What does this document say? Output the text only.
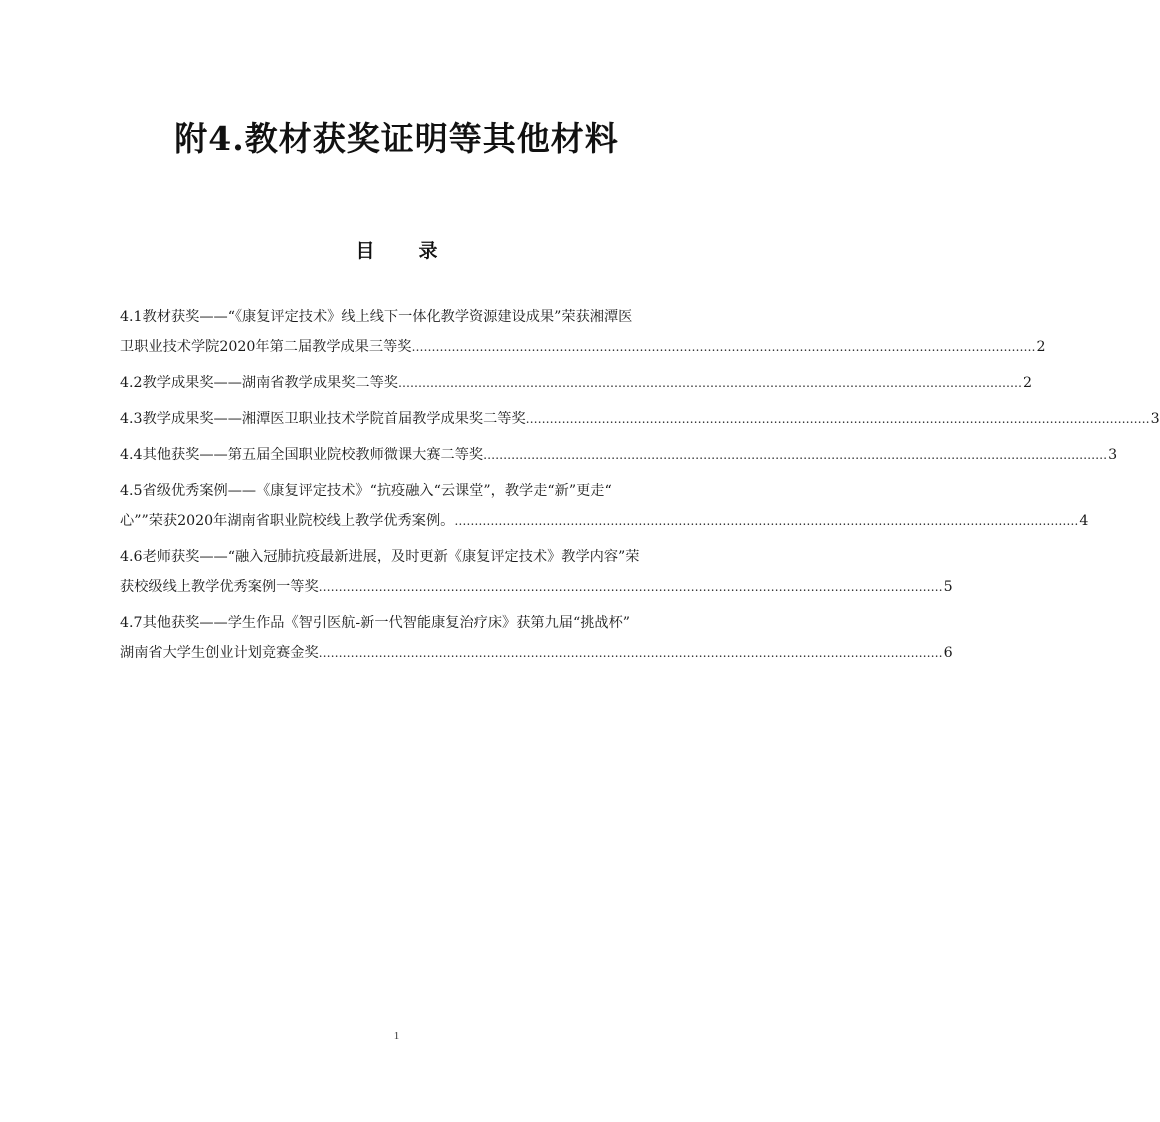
附4.教材获奖证明等其他材料
目 录
4.1教材获奖——“《康复评定技术》线上线下一体化教学资源建设成果”荣获湘潭医
卫职业技术学院2020年第二届教学成果三等奖 …………………………………………………………………………………………………………………………………………	2
4.2教学成果奖——湖南省教学成果奖二等奖 …………………………………………………………………………………………………………………………………………	2
4.3教学成果奖——湘潭医卫职业技术学院首届教学成果奖二等奖 …………………………………………………………………………………………………………………………………………	3
4.4其他获奖——第五届全国职业院校教师微课大赛二等奖 …………………………………………………………………………………………………………………………………………	3
4.5省级优秀案例——《康复评定技术》“抗疫融入“云课堂”，教学走“新”更走“
心””荣获2020年湖南省职业院校线上教学优秀案例。 …………………………………………………………………………………………………………………………………………	4
4.6老师获奖——“融入冠肺抗疫最新进展，及时更新《康复评定技术》教学内容”荣
获校级线上教学优秀案例一等奖 …………………………………………………………………………………………………………………………………………	5
4.7其他获奖——学生作品《智引医航-新一代智能康复治疗床》获第九届“挑战杯”
湖南省大学生创业计划竞赛金奖 …………………………………………………………………………………………………………………………………………	6

1
